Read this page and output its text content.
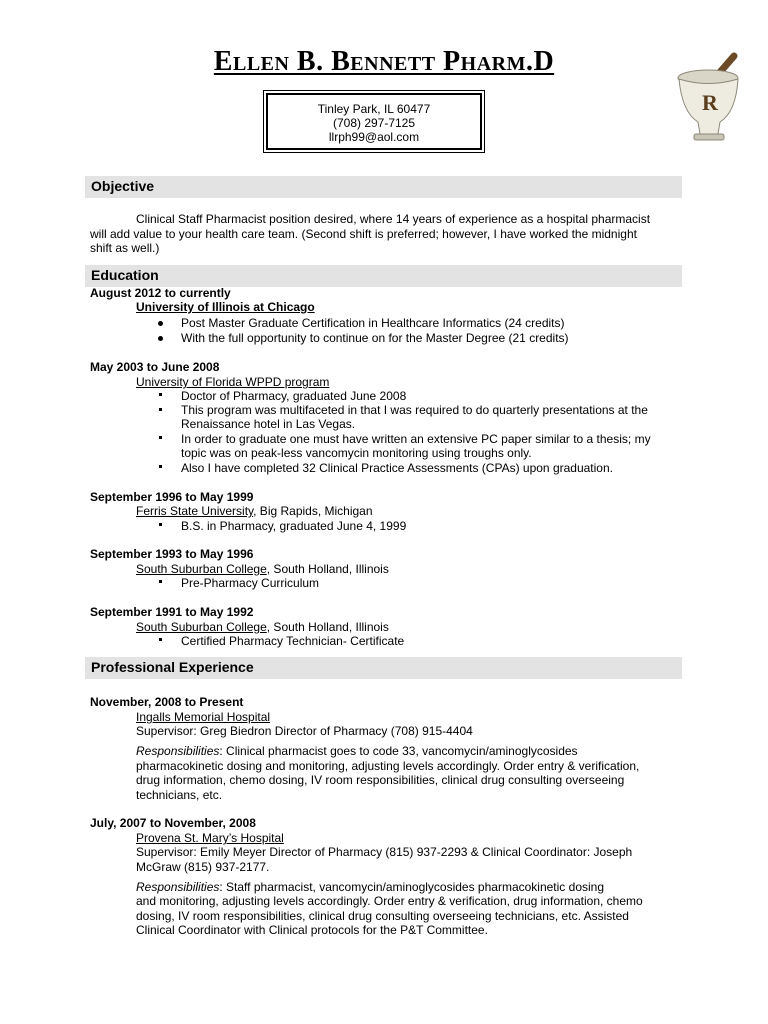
Ellen B. Bennett Pharm.D
Tinley Park, IL 60477
(708) 297-7125
llrph99@aol.com
R
Objective
Clinical Staff Pharmacist position desired, where 14 years of experience as a hospital pharmacist
will add value to your health care team. (Second shift is preferred; however, I have worked the midnight
shift as well.)
Education
August 2012 to currently
University of Illinois at Chicago
Post Master Graduate Certification in Healthcare Informatics (24 credits)
With the full opportunity to continue on for the Master Degree (21 credits)
May 2003 to June 2008
University of Florida WPPD program
Doctor of Pharmacy, graduated June 2008
This program was multifaceted in that I was required to do quarterly presentations at the
Renaissance hotel in Las Vegas.
In order to graduate one must have written an extensive PC paper similar to a thesis; my
topic was on peak-less vancomycin monitoring using troughs only.
Also I have completed 32 Clinical Practice Assessments (CPAs) upon graduation.
September 1996 to May 1999
Ferris State University, Big Rapids, Michigan
B.S. in Pharmacy, graduated June 4, 1999
September 1993 to May 1996
South Suburban College, South Holland, Illinois
Pre-Pharmacy Curriculum
September 1991 to May 1992
South Suburban College, South Holland, Illinois
Certified Pharmacy Technician- Certificate
Professional Experience
November, 2008 to Present
Ingalls Memorial Hospital
Supervisor: Greg Biedron Director of Pharmacy (708) 915-4404
Responsibilities: Clinical pharmacist goes to code 33, vancomycin/aminoglycosides
pharmacokinetic dosing and monitoring, adjusting levels accordingly. Order entry & verification,
drug information, chemo dosing, IV room responsibilities, clinical drug consulting overseeing
technicians, etc.
July, 2007 to November, 2008
Provena St. Mary’s Hospital
Supervisor: Emily Meyer Director of Pharmacy (815) 937-2293 & Clinical Coordinator: Joseph
McGraw (815) 937-2177.
Responsibilities: Staff pharmacist, vancomycin/aminoglycosides pharmacokinetic dosing
and monitoring, adjusting levels accordingly. Order entry & verification, drug information, chemo
dosing, IV room responsibilities, clinical drug consulting overseeing technicians, etc. Assisted
Clinical Coordinator with Clinical protocols for the P&T Committee.
